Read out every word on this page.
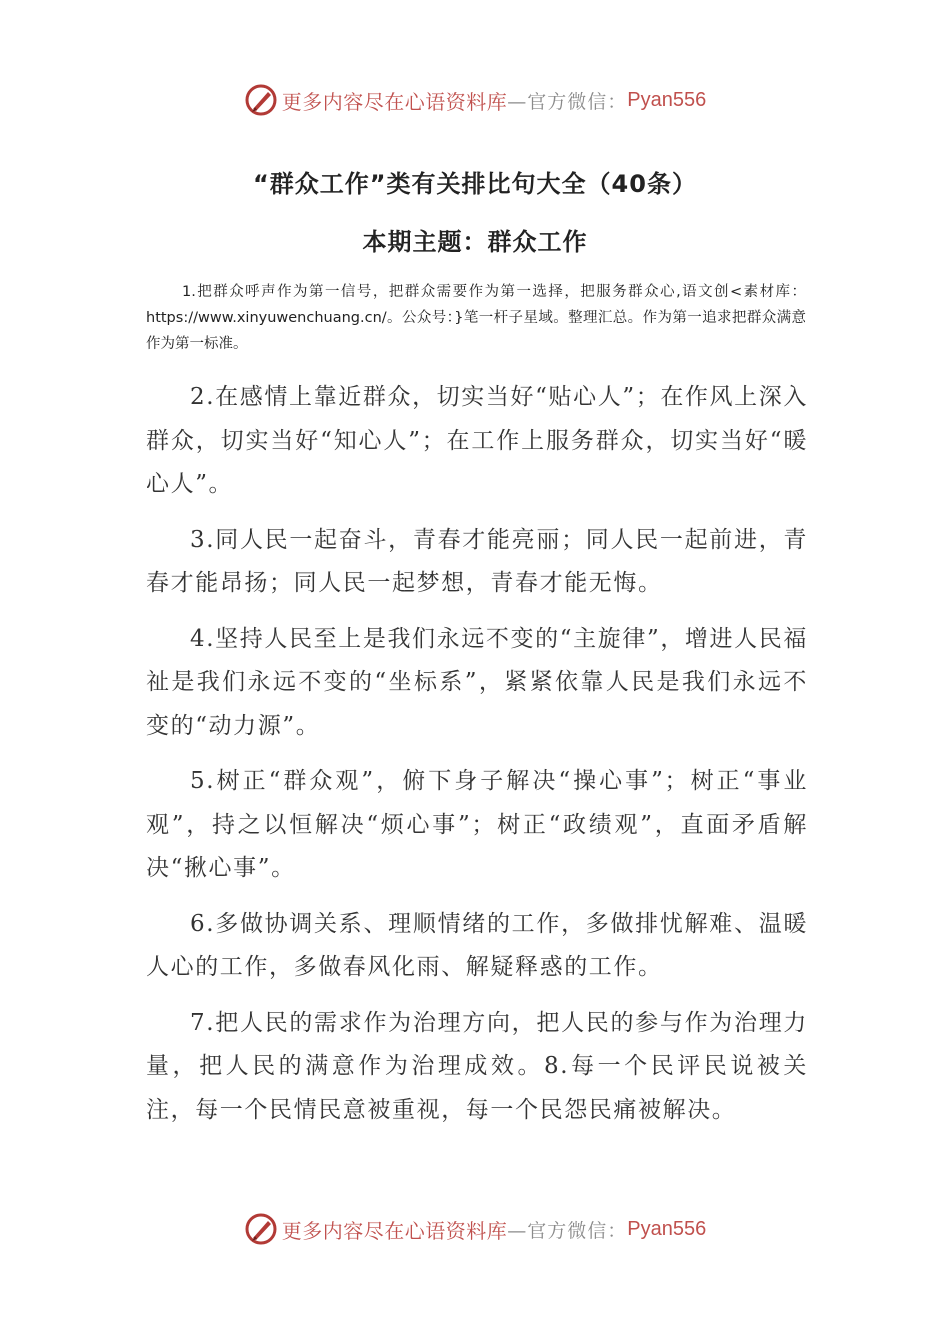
更多内容尽在心语资料库 —官方微信： Pyan556
“群众工作”类有关排比句大全（40条）
本期主题：群众工作

1.把群众呼声作为第一信号，把群众需要作为第一选择，把服务群众心,语文创<素材库：https://www.xinyuwenchuang.cn/。公众号：}笔一杆子星域。整理汇总。作为第一追求把群众满意作为第一标准。

2.在感情上靠近群众，切实当好“贴心人”；在作风上深入群众，切实当好“知心人”；在工作上服务群众，切实当好“暖心人”。

3.同人民一起奋斗，青春才能亮丽；同人民一起前进，青春才能昂扬；同人民一起梦想，青春才能无悔。

4.坚持人民至上是我们永远不变的“主旋律”，增进人民福祉是我们永远不变的“坐标系”，紧紧依靠人民是我们永远不变的“动力源”。

5.树正“群众观”，俯下身子解决“操心事”；树正“事业观”，持之以恒解决“烦心事”；树正“政绩观”，直面矛盾解决“揪心事”。

6.多做协调关系、理顺情绪的工作，多做排忧解难、温暖人心的工作，多做春风化雨、解疑释惑的工作。

7.把人民的需求作为治理方向，把人民的参与作为治理力量，把人民的满意作为治理成效。8.每一个民评民说被关注，每一个民情民意被重视，每一个民怨民痛被解决。

更多内容尽在心语资料库 —官方微信： Pyan556
